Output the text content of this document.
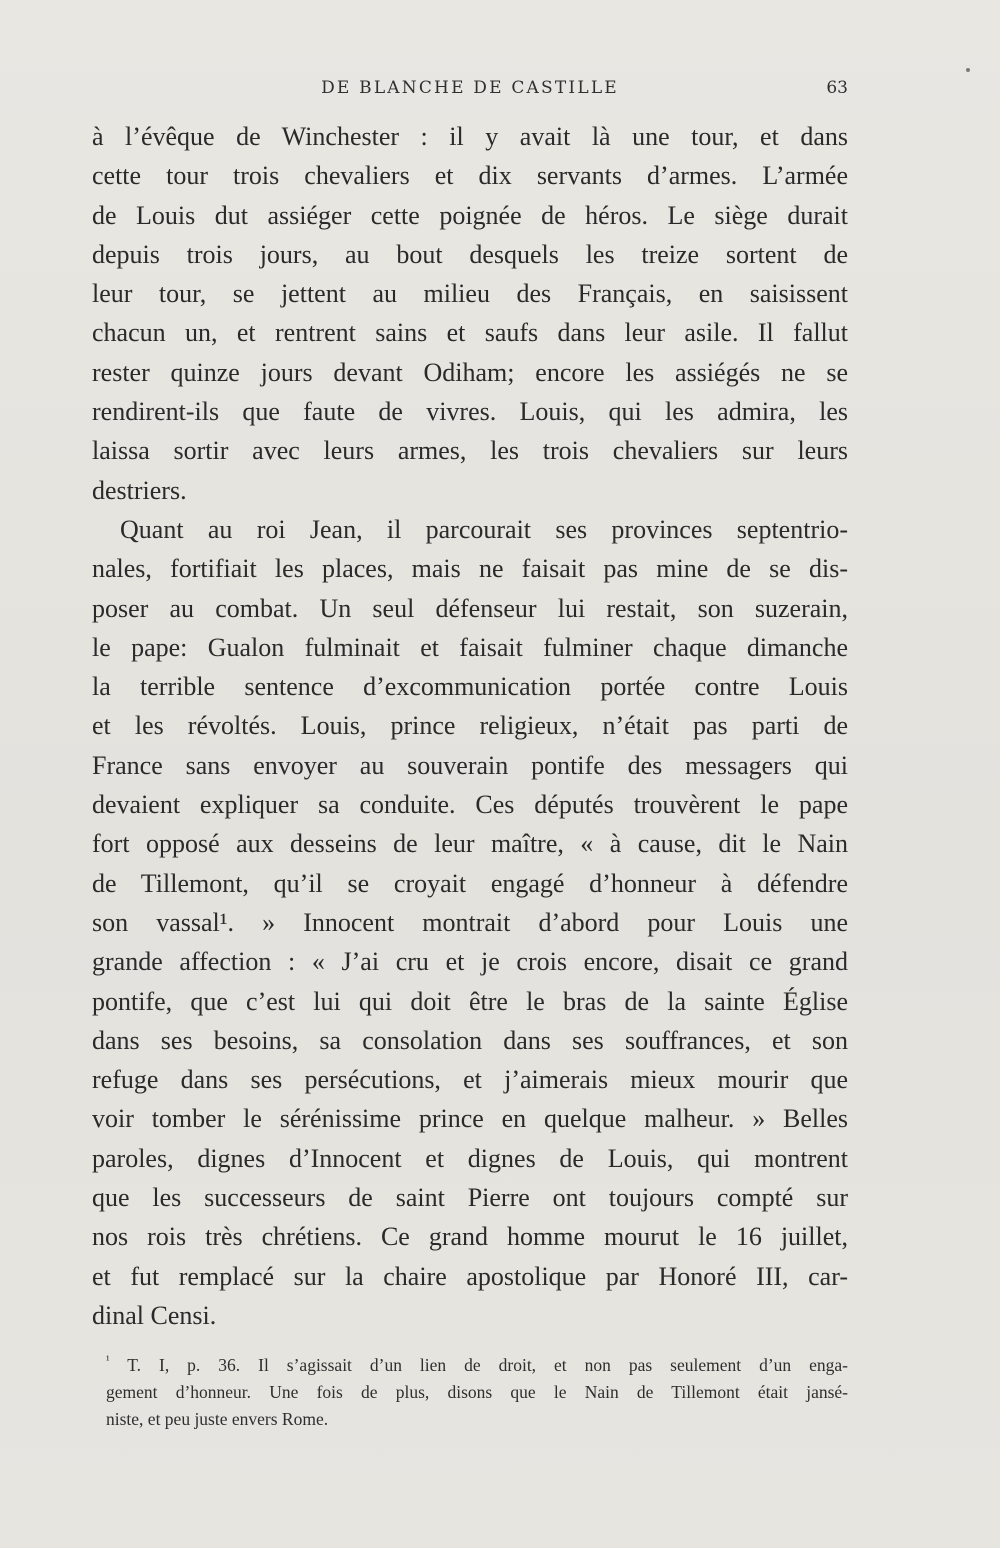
DE BLANCHE DE CASTILLE	63
à l’évêque de Winchester : il y avait là une tour, et dans
cette tour trois chevaliers et dix servants d’armes. L’armée
de Louis dut assiéger cette poignée de héros. Le siège durait
depuis trois jours, au bout desquels les treize sortent de
leur tour, se jettent au milieu des Français, en saisissent
chacun un, et rentrent sains et saufs dans leur asile. Il fallut
rester quinze jours devant Odiham; encore les assiégés ne se
rendirent-ils que faute de vivres. Louis, qui les admira, les
laissa sortir avec leurs armes, les trois chevaliers sur leurs
destriers.
Quant au roi Jean, il parcourait ses provinces septentrio-
nales, fortifiait les places, mais ne faisait pas mine de se dis-
poser au combat. Un seul défenseur lui restait, son suzerain,
le pape: Gualon fulminait et faisait fulminer chaque dimanche
la terrible sentence d’excommunication portée contre Louis
et les révoltés. Louis, prince religieux, n’était pas parti de
France sans envoyer au souverain pontife des messagers qui
devaient expliquer sa conduite. Ces députés trouvèrent le pape
fort opposé aux desseins de leur maître, « à cause, dit le Nain
de Tillemont, qu’il se croyait engagé d’honneur à défendre
son vassal¹. » Innocent montrait d’abord pour Louis une
grande affection : « J’ai cru et je crois encore, disait ce grand
pontife, que c’est lui qui doit être le bras de la sainte Église
dans ses besoins, sa consolation dans ses souffrances, et son
refuge dans ses persécutions, et j’aimerais mieux mourir que
voir tomber le sérénissime prince en quelque malheur. » Belles
paroles, dignes d’Innocent et dignes de Louis, qui montrent
que les successeurs de saint Pierre ont toujours compté sur
nos rois très chrétiens. Ce grand homme mourut le 16 juillet,
et fut remplacé sur la chaire apostolique par Honoré III, car-
dinal Censi.
$^{^1}$ T. I, p. 36. Il s’agissait d’un lien de droit, et non pas seulement d’un enga-
gement d’honneur. Une fois de plus, disons que le Nain de Tillemont était jansé-
niste, et peu juste envers Rome.
